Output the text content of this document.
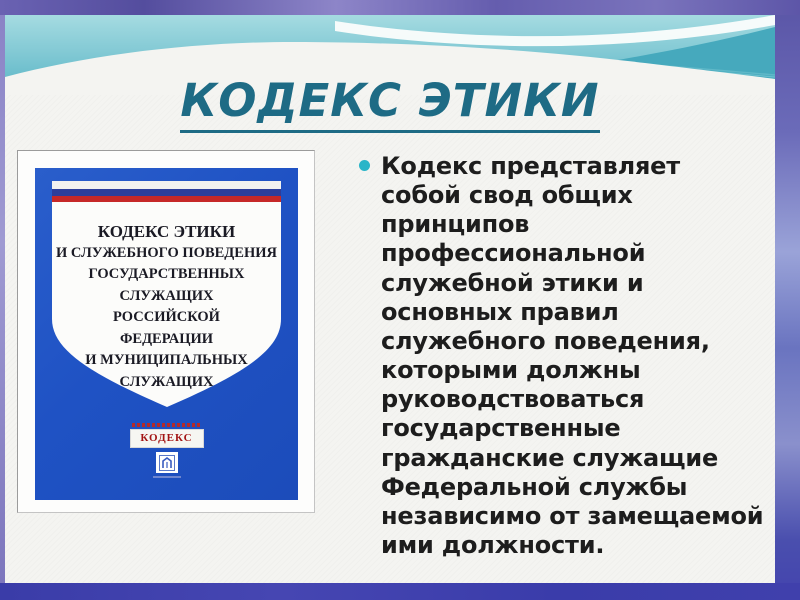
КОДЕКС ЭТИКИ
КОДЕКС ЭТИКИ
И СЛУЖЕБНОГО ПОВЕДЕНИЯ
ГОСУДАРСТВЕННЫХ
СЛУЖАЩИХ
РОССИЙСКОЙ
ФЕДЕРАЦИИ
И МУНИЦИПАЛЬНЫХ
СЛУЖАЩИХ
КОДЕКС
Кодекс представляет собой свод общих принципов профессиональной служебной этики и основных правил служебного поведения, которыми должны руководствоваться государственные гражданские служащие Федеральной службы независимо от замещаемой ими должности.
